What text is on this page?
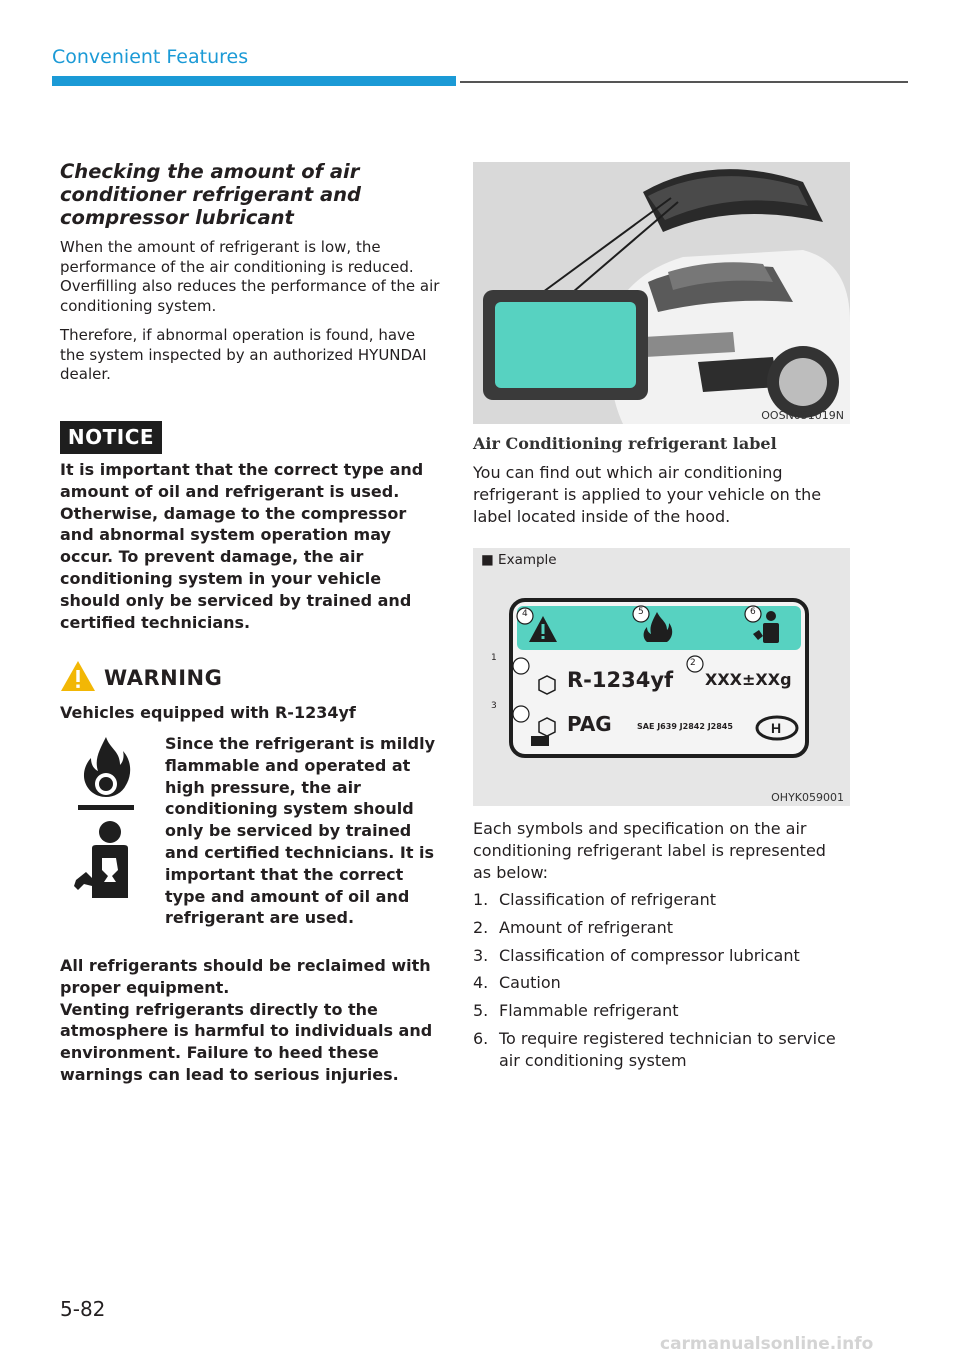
Convenient Features
Checking the amount of air conditioner refrigerant and compressor lubricant

When the amount of refrigerant is low, the performance of the air conditioning is reduced. Overfilling also reduces the performance of the air conditioning system.

Therefore, if abnormal operation is found, have the system inspected by an authorized HYUNDAI dealer.

NOTICE
It is important that the correct type and amount of oil and refrigerant is used. Otherwise, damage to the compressor and abnormal system operation may occur. To prevent damage, the air conditioning system in your vehicle should only be serviced by trained and certified technicians.
WARNING
Vehicles equipped with R-1234yf
Since the refrigerant is mildly flammable and operated at high pressure, the air conditioning system should only be serviced by trained and certified technicians. It is important that the correct type and amount of oil and refrigerant are used.

All refrigerants should be reclaimed with proper equipment.

Venting refrigerants directly to the atmosphere is harmful to individuals and environment. Failure to heed these warnings can lead to serious injuries.

OOSN051019N
Air Conditioning refrigerant label
You can find out which air conditioning refrigerant is applied to your vehicle on the label located inside of the hood.
■ Example
H
1	2
3
4	5	6
R-1234yf XXX±XXg
PAG	SAE J639 J2842 J2845
OHYK059001
Each symbols and specification on the air conditioning refrigerant label is represented as below:
1. Classification of refrigerant
2. Amount of refrigerant
3. Classification of compressor lubricant
4. Caution
5. Flammable refrigerant
6. To require registered technician to service air conditioning system
5-82
carmanualsonline.info
